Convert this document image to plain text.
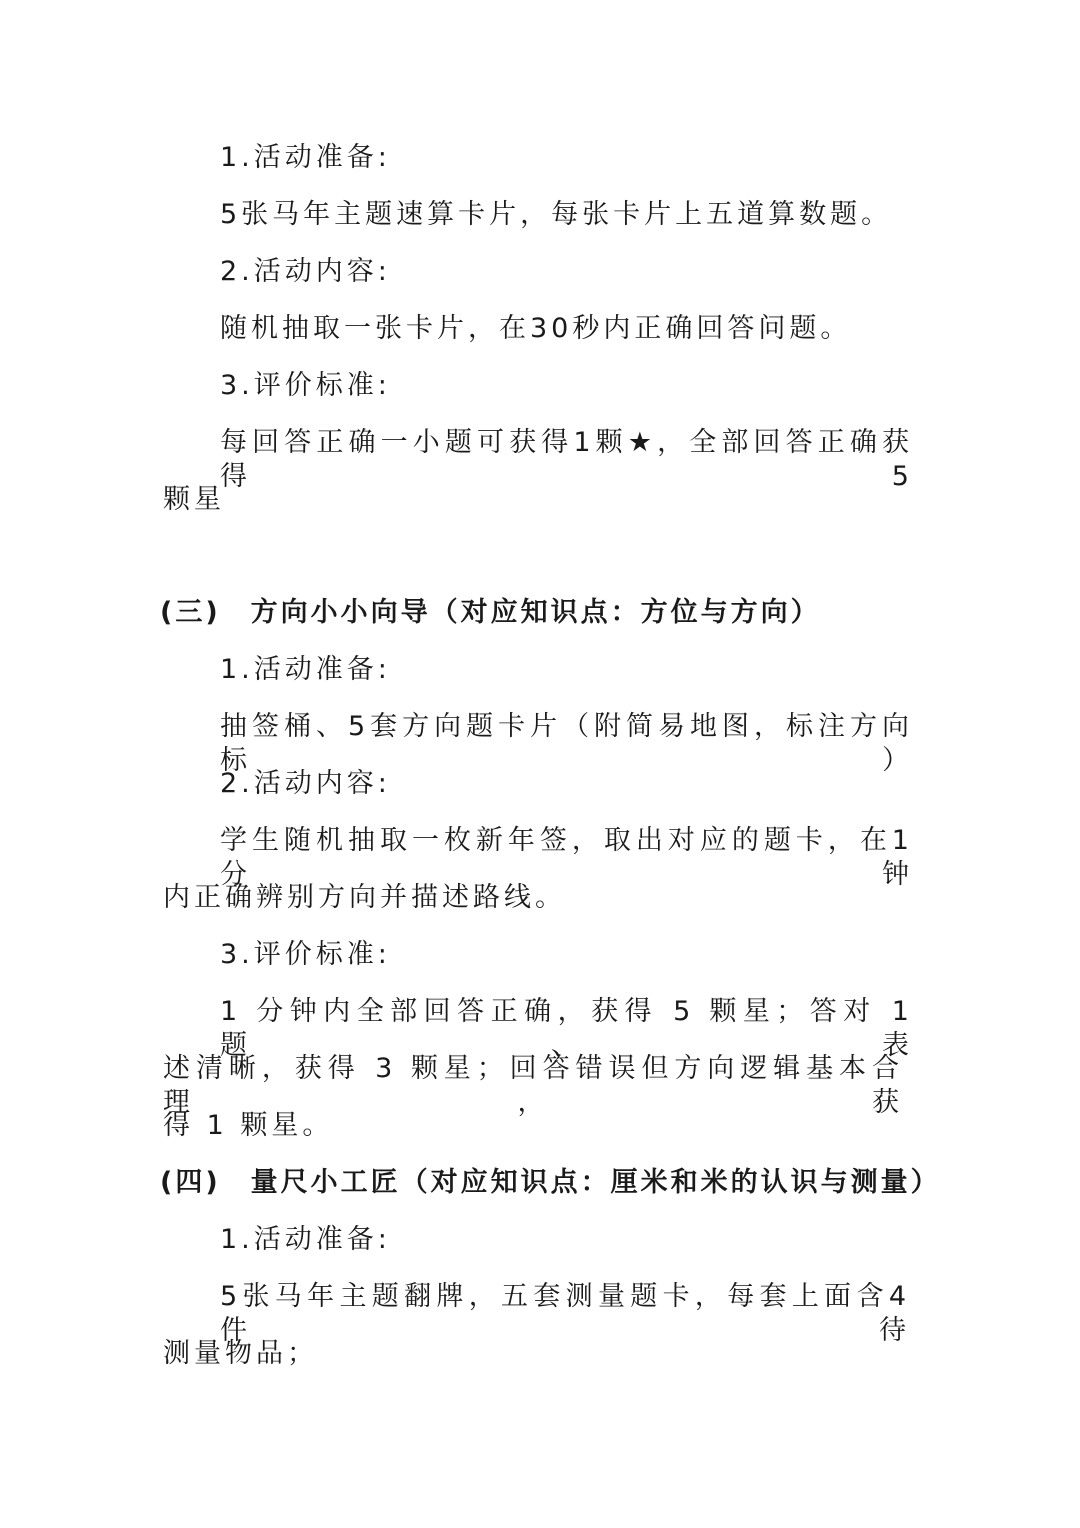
1.活动准备:
5张马年主题速算卡片，每张卡片上五道算数题。
2.活动内容:
随机抽取一张卡片，在30秒内正确回答问题。
3.评价标准:
每回答正确一小题可获得1颗★，全部回答正确获得5
颗星
(三)　方向小小向导（对应知识点：方位与方向）
1.活动准备:
抽签桶、5套方向题卡片（附简易地图，标注方向标）
2.活动内容:
学生随机抽取一枚新年签，取出对应的题卡，在1分钟
内正确辨别方向并描述路线。
3.评价标准:
1 分钟内全部回答正确，获得 5 颗星；答对 1 题、表
述清晰，获得 3 颗星；回答错误但方向逻辑基本合理，获
得 1 颗星。
(四)　量尺小工匠（对应知识点：厘米和米的认识与测量）
1.活动准备:
5张马年主题翻牌，五套测量题卡，每套上面含4件待
测量物品；
